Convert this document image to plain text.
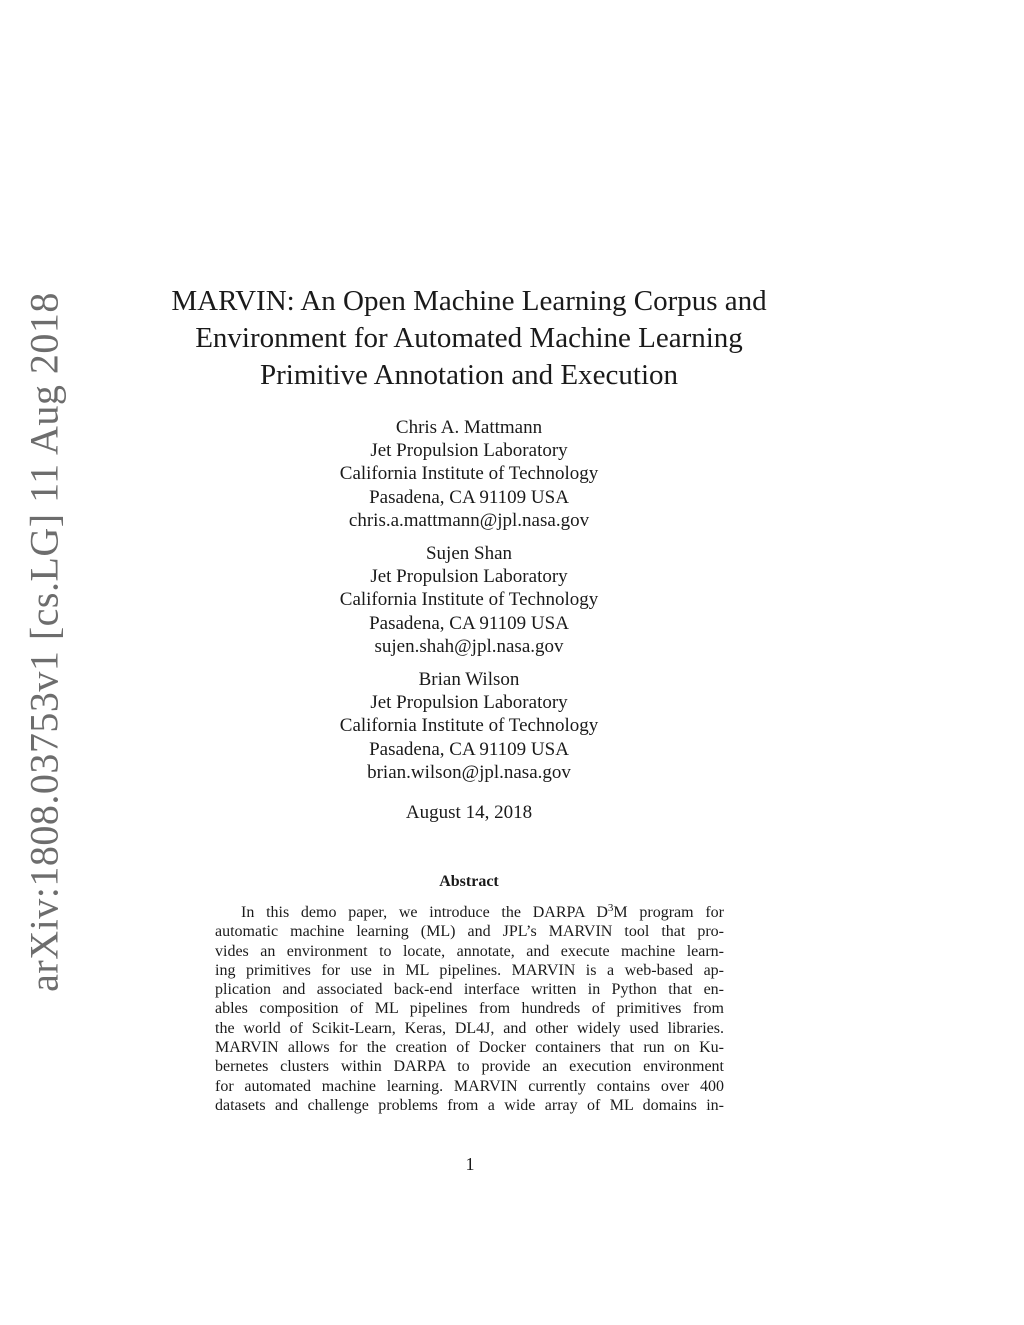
arXiv:1808.03753v1 [cs.LG] 11 Aug 2018	MARVIN: An Open Machine Learning Corpus and
Environment for Automated Machine Learning
Primitive Annotation and Execution
Chris A. Mattmann
Jet Propulsion Laboratory
California Institute of Technology
Pasadena, CA 91109 USA
chris.a.mattmann@jpl.nasa.gov
Sujen Shan
Jet Propulsion Laboratory
California Institute of Technology
Pasadena, CA 91109 USA
sujen.shah@jpl.nasa.gov
Brian Wilson
Jet Propulsion Laboratory
California Institute of Technology
Pasadena, CA 91109 USA
brian.wilson@jpl.nasa.gov
August 14, 2018
Abstract
In this demo paper, we introduce the DARPA $D^3M$ program for
automatic machine learning (ML) and JPL’s MARVIN tool that pro-
vides an environment to locate, annotate, and execute machine learn-
ing primitives for use in ML pipelines. MARVIN is a web-based ap-
plication and associated back-end interface written in Python that en-
ables composition of ML pipelines from hundreds of primitives from
the world of Scikit-Learn, Keras, DL4J, and other widely used libraries.
MARVIN allows for the creation of Docker containers that run on Ku-
bernetes clusters within DARPA to provide an execution environment
for automated machine learning. MARVIN currently contains over 400
datasets and challenge problems from a wide array of ML domains in-
1
